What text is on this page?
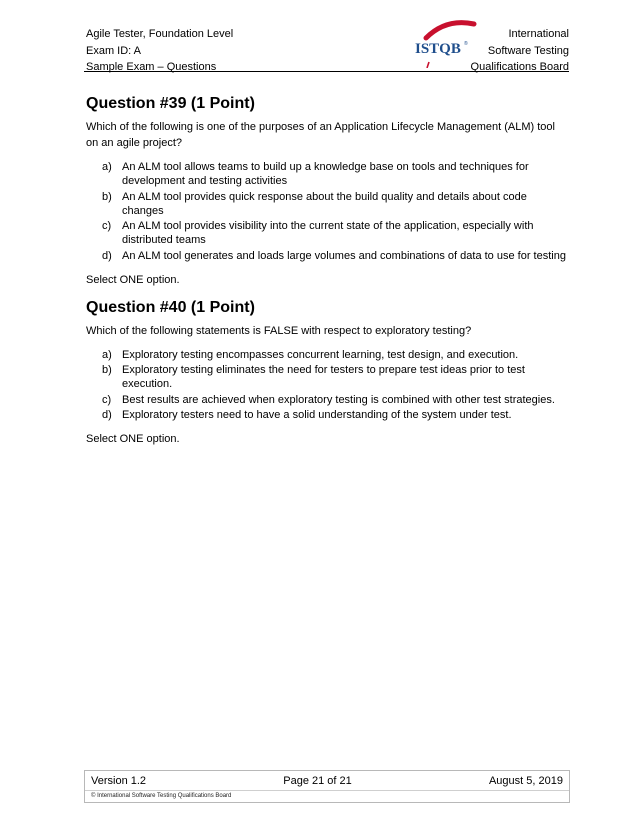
Agile Tester, Foundation Level
Exam ID: A
Sample Exam – Questions
ISTQB ®
International
Software Testing
Qualifications Board
Question #39 (1 Point)

Which of the following is one of the purposes of an Application Lifecycle Management (ALM) tool on an agile project?

a) An ALM tool allows teams to build up a knowledge base on tools and techniques for development and testing activities
b) An ALM tool provides quick response about the build quality and details about code changes
c) An ALM tool provides visibility into the current state of the application, especially with distributed teams
d) An ALM tool generates and loads large volumes and combinations of data to use for testing

Select ONE option.

Question #40 (1 Point)

Which of the following statements is FALSE with respect to exploratory testing?

a) Exploratory testing encompasses concurrent learning, test design, and execution.
b) Exploratory testing eliminates the need for testers to prepare test ideas prior to test execution.
c) Best results are achieved when exploratory testing is combined with other test strategies.
d) Exploratory testers need to have a solid understanding of the system under test.

Select ONE option.

Version 1.2	Page 21 of 21	August 5, 2019
© International Software Testing Qualifications Board
